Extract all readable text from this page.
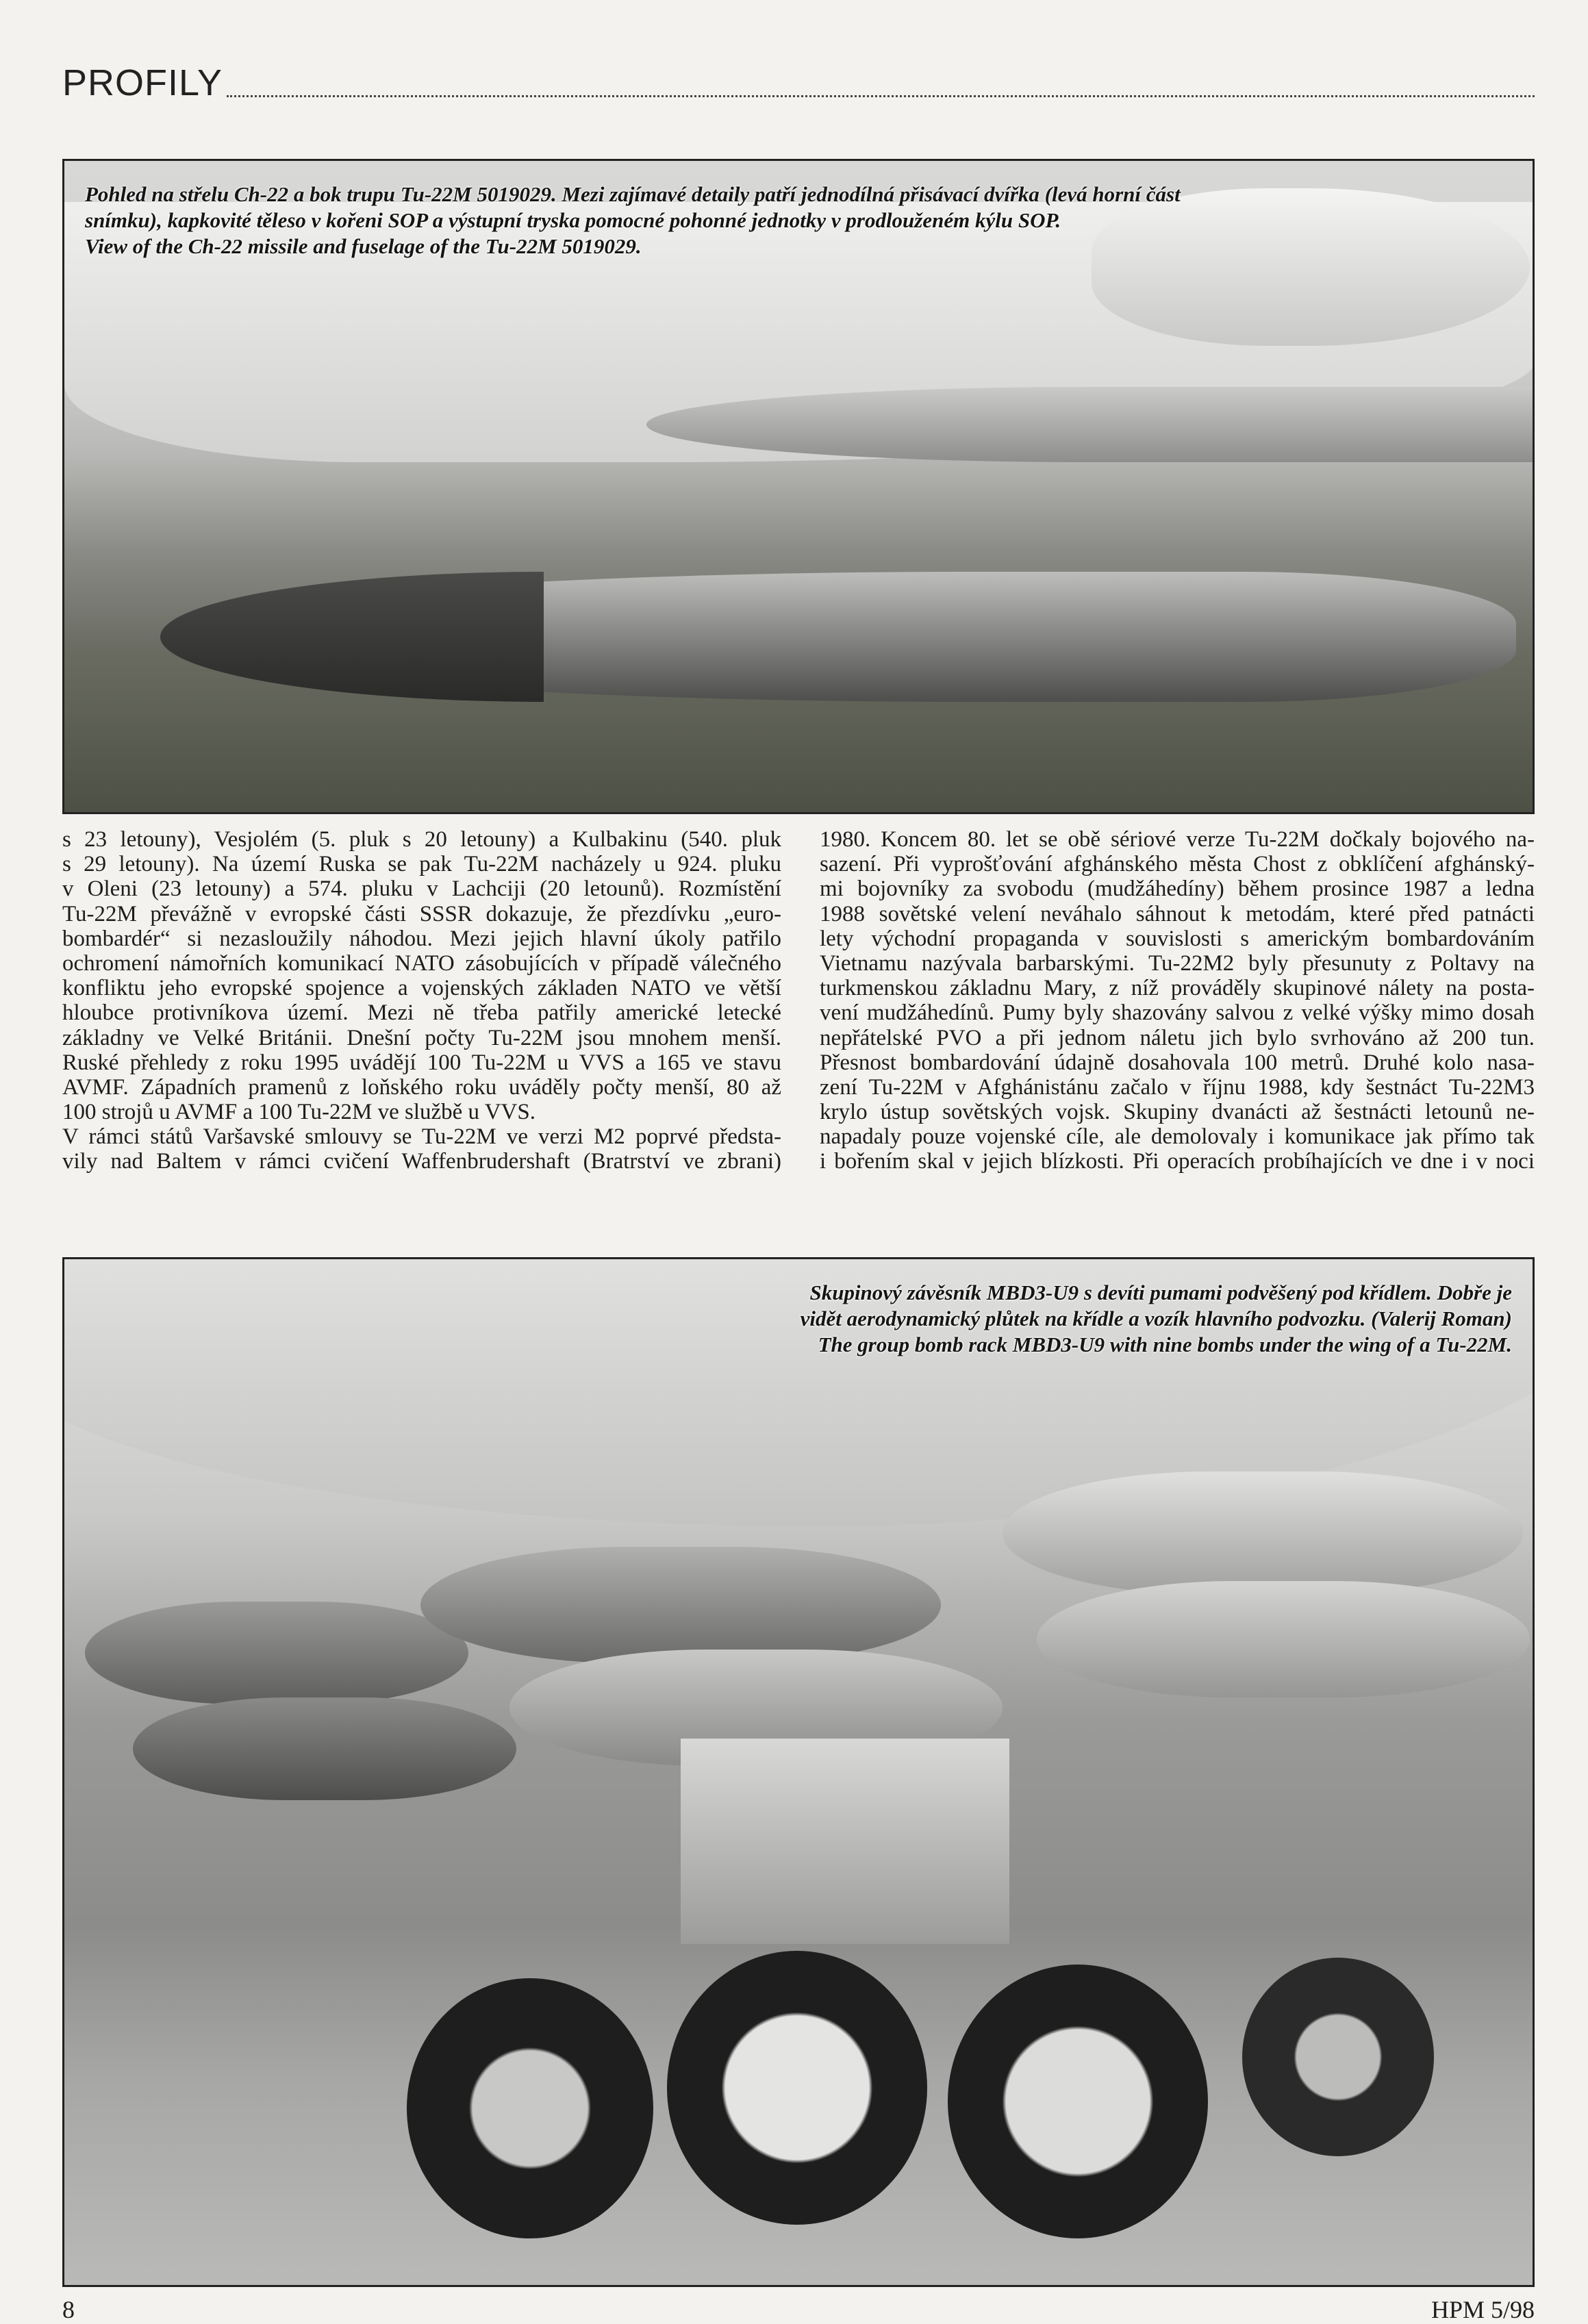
PROFILY
Pohled na střelu Ch-22 a bok trupu Tu-22M 5019029. Mezi zajímavé detaily patří jednodílná přisávací dvířka (levá horní část
snímku), kapkovité těleso v kořeni SOP a výstupní tryska pomocné pohonné jednotky v prodlouženém kýlu SOP.
View of the Ch-22 missile and fuselage of the Tu-22M 5019029.
s 23 letouny), Vesjolém (5. pluk s 20 letouny) a Kulbakinu (540. pluk
s 29 letouny). Na území Ruska se pak Tu-22M nacházely u 924. pluku
v Oleni (23 letouny) a 574. pluku v Lachciji (20 letounů). Rozmístění
Tu-22M převážně v evropské části SSSR dokazuje, že přezdívku „euro-
bombardér“ si nezasloužily náhodou. Mezi jejich hlavní úkoly patřilo
ochromení námořních komunikací NATO zásobujících v případě válečného
konfliktu jeho evropské spojence a vojenských základen NATO ve větší
hloubce protivníkova území. Mezi ně třeba patřily americké letecké
základny ve Velké Británii. Dnešní počty Tu-22M jsou mnohem menší.
Ruské přehledy z roku 1995 uvádějí 100 Tu-22M u VVS a 165 ve stavu
AVMF. Západních pramenů z loňského roku uváděly počty menší, 80 až
100 strojů u AVMF a 100 Tu-22M ve službě u VVS.
V rámci států Varšavské smlouvy se Tu-22M ve verzi M2 poprvé předsta-
vily nad Baltem v rámci cvičení Waffenbrudershaft (Bratrství ve zbrani)
1980. Koncem 80. let se obě sériové verze Tu-22M dočkaly bojového na-
sazení. Při vyprošťování afghánského města Chost z obklíčení afghánský-
mi bojovníky za svobodu (mudžáhedíny) během prosince 1987 a ledna
1988 sovětské velení neváhalo sáhnout k metodám, které před patnácti
lety východní propaganda v souvislosti s americkým bombardováním
Vietnamu nazývala barbarskými. Tu-22M2 byly přesunuty z Poltavy na
turkmenskou základnu Mary, z níž prováděly skupinové nálety na posta-
vení mudžáhedínů. Pumy byly shazovány salvou z velké výšky mimo dosah
nepřátelské PVO a při jednom náletu jich bylo svrhováno až 200 tun.
Přesnost bombardování údajně dosahovala 100 metrů. Druhé kolo nasa-
zení Tu-22M v Afghánistánu začalo v říjnu 1988, kdy šestnáct Tu-22M3
krylo ústup sovětských vojsk. Skupiny dvanácti až šestnácti letounů ne-
napadaly pouze vojenské cíle, ale demolovaly i komunikace jak přímo tak
i bořením skal v jejich blízkosti. Při operacích probíhajících ve dne i v noci
Skupinový závěsník MBD3-U9 s devíti pumami podvěšený pod křídlem. Dobře je
vidět aerodynamický plůtek na křídle a vozík hlavního podvozku. (Valerij Roman)
The group bomb rack MBD3-U9 with nine bombs under the wing of a Tu-22M.
8	HPM 5/98
